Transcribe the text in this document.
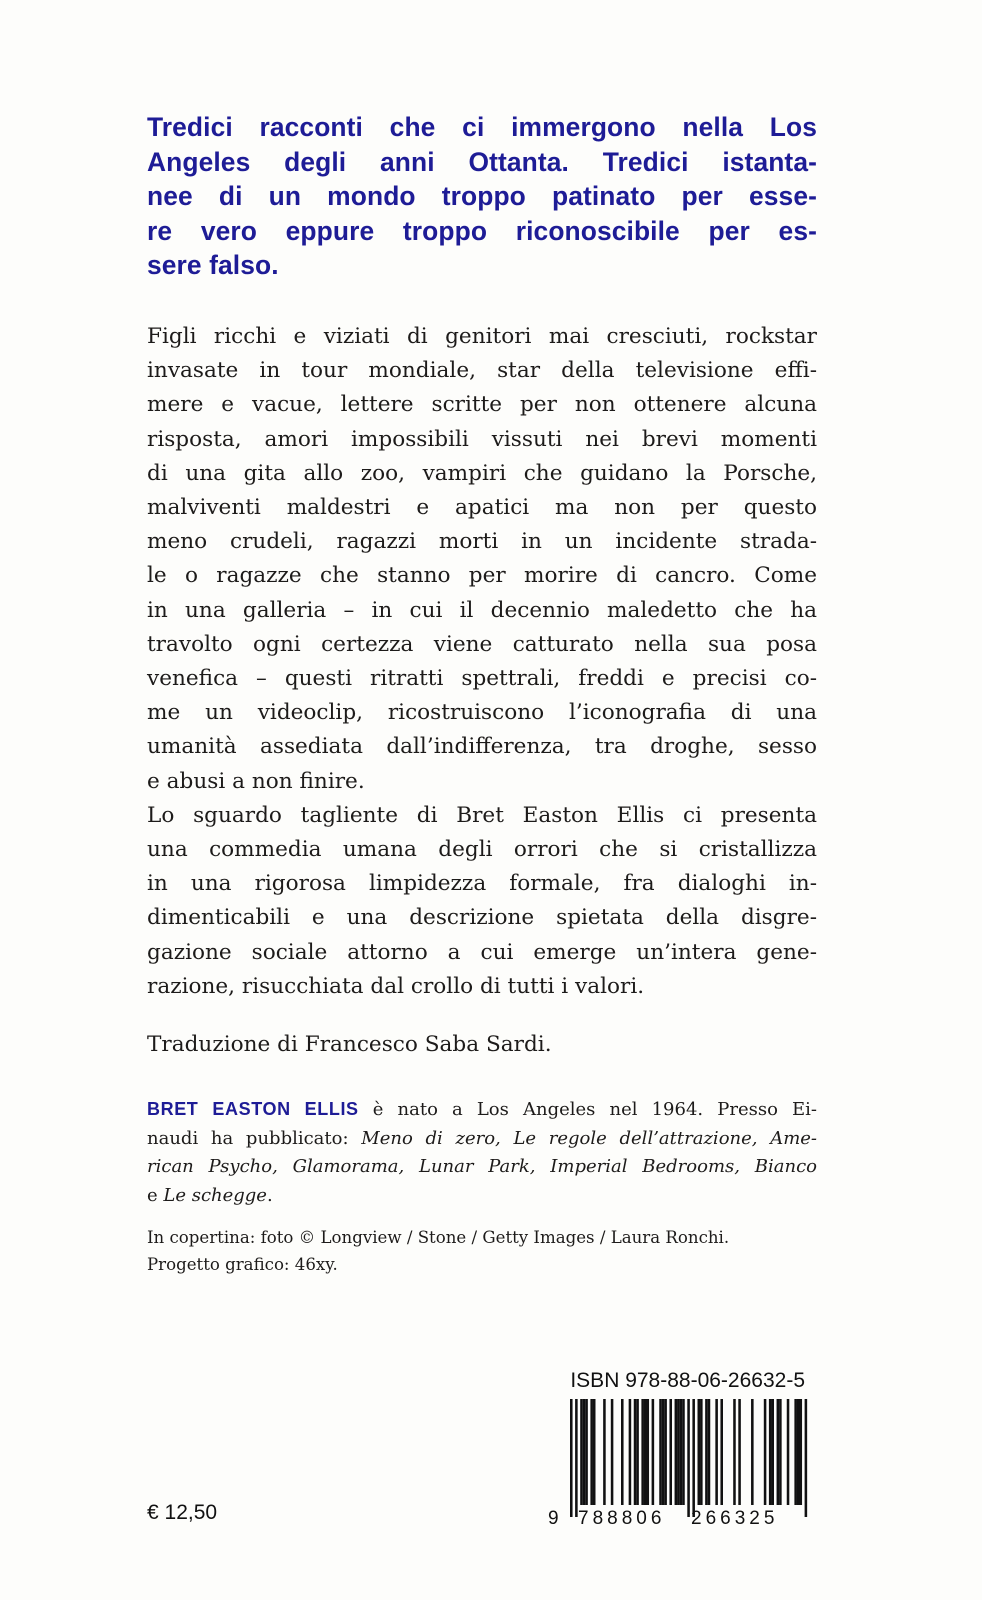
Tredici racconti che ci immergono nella Los
Angeles degli anni Ottanta. Tredici istanta-
nee di un mondo troppo patinato per esse-
re vero eppure troppo riconoscibile per es-
sere falso.
Figli ricchi e viziati di genitori mai cresciuti, rockstar
invasate in tour mondiale, star della televisione effi-
mere e vacue, lettere scritte per non ottenere alcuna
risposta, amori impossibili vissuti nei brevi momenti
di una gita allo zoo, vampiri che guidano la Porsche,
malviventi maldestri e apatici ma non per questo
meno crudeli, ragazzi morti in un incidente strada-
le o ragazze che stanno per morire di cancro. Come
in una galleria – in cui il decennio maledetto che ha
travolto ogni certezza viene catturato nella sua posa
venefica – questi ritratti spettrali, freddi e precisi co-
me un videoclip, ricostruiscono l’iconografia di una
umanità assediata dall’indifferenza, tra droghe, sesso
e abusi a non finire.
Lo sguardo tagliente di Bret Easton Ellis ci presenta
una commedia umana degli orrori che si cristallizza
in una rigorosa limpidezza formale, fra dialoghi in-
dimenticabili e una descrizione spietata della disgre-
gazione sociale attorno a cui emerge un’intera gene-
razione, risucchiata dal crollo di tutti i valori.

Traduzione di Francesco Saba Sardi.

BRET EASTON ELLIS è nato a Los Angeles nel 1964. Presso Ei-
naudi ha pubblicato: Meno di zero, Le regole dell’attrazione, Ame-
rican Psycho, Glamorama, Lunar Park, Imperial Bedrooms, Bianco
e Le schegge.
In copertina: foto © Longview / Stone / Getty Images / Laura Ronchi.
Progetto grafico: 46xy.
ISBN 978-88-06-26632-5
9 788806 266325
€ 12,50
